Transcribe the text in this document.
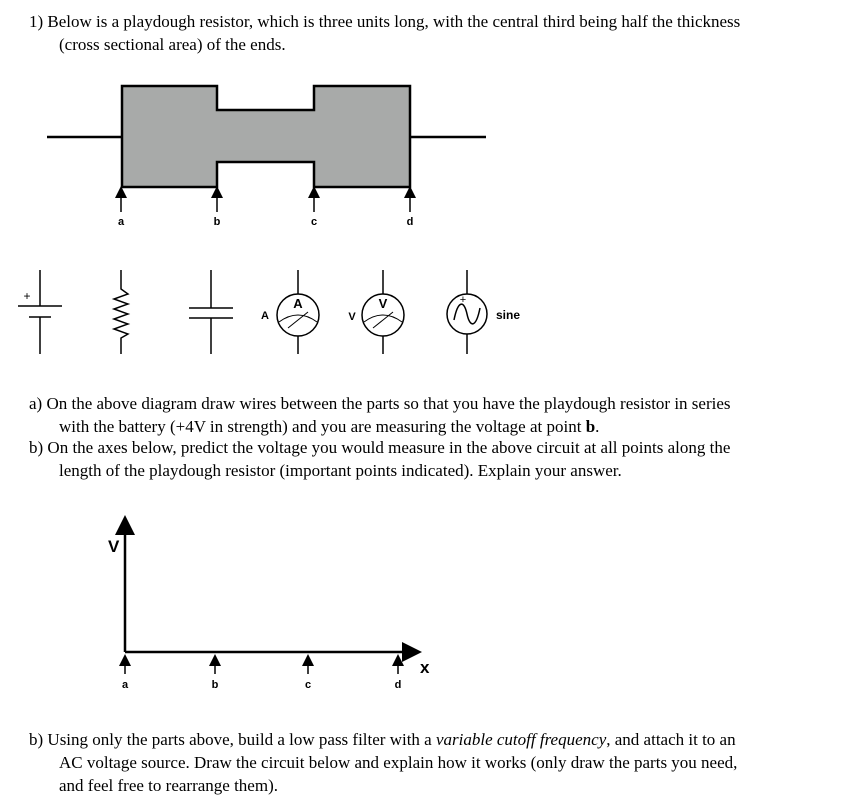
1) Below is a playdough resistor, which is three units long, with the central third being half the thickness
(cross sectional area) of the ends.
a	b	c	d
+	A
A
V
V
+
sine
V
x
a	b	c	d
a) On the above diagram draw wires between the parts so that you have the playdough resistor in series
with the battery (+4V in strength) and you are measuring the voltage at point b.
b) On the axes below, predict the voltage you would measure in the above circuit at all points along the
length of the playdough resistor (important points indicated). Explain your answer.
b) Using only the parts above, build a low pass filter with a variable cutoff frequency, and attach it to an
AC voltage source. Draw the circuit below and explain how it works (only draw the parts you need,
and feel free to rearrange them).
